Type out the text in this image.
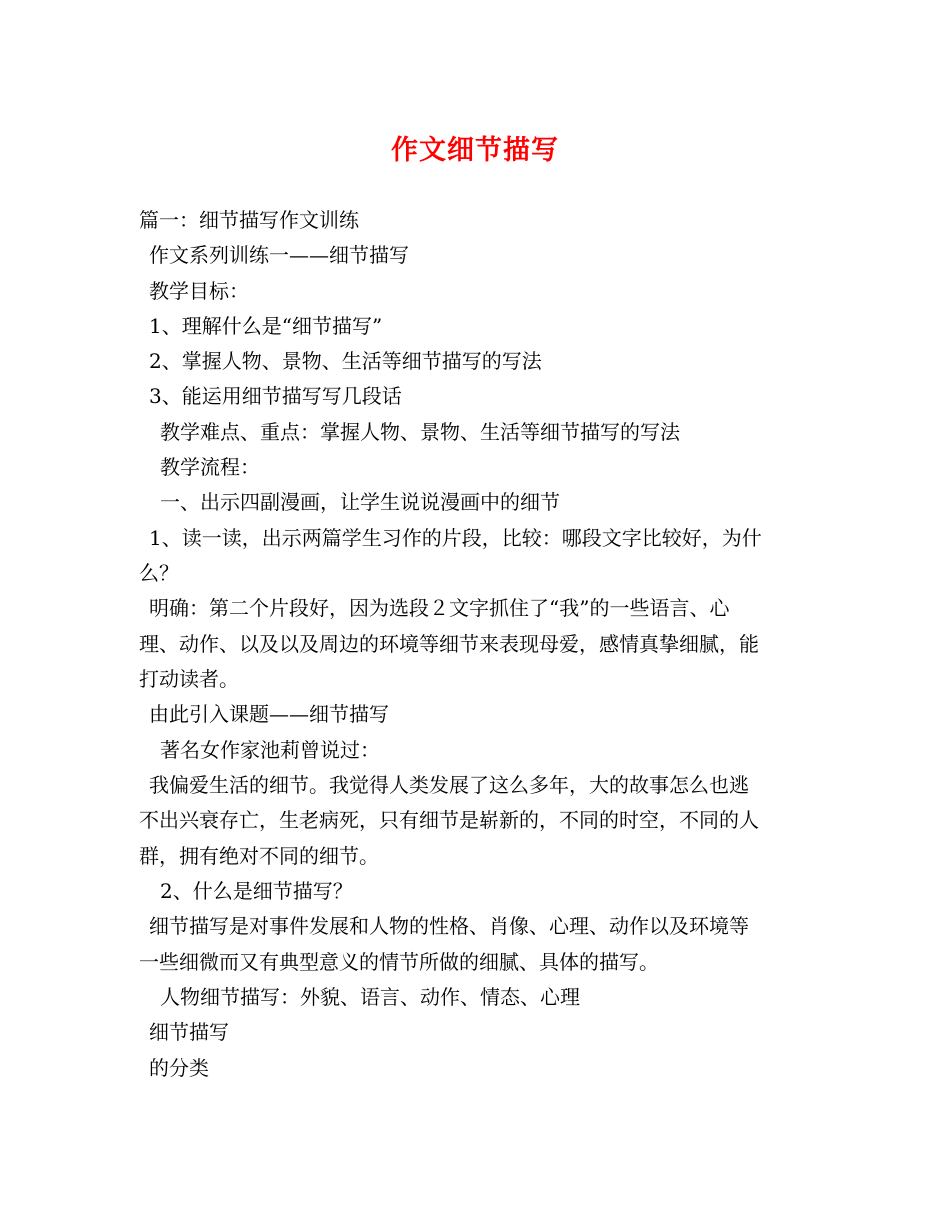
作文细节描写
篇一：细节描写作文训练
作文系列训练一——细节描写
教学目标：
1、理解什么是“细节描写”
2、掌握人物、景物、生活等细节描写的写法
3、能运用细节描写写几段话
教学难点、重点：掌握人物、景物、生活等细节描写的写法
教学流程：
一、出示四副漫画，让学生说说漫画中的细节
1、读一读，出示两篇学生习作的片段，比较：哪段文字比较好，为什
么？
明确：第二个片段好，因为选段２文字抓住了“我”的一些语言、心
理、动作、以及以及周边的环境等细节来表现母爱，感情真挚细腻，能
打动读者。
由此引入课题——细节描写
著名女作家池莉曾说过：
我偏爱生活的细节。我觉得人类发展了这么多年，大的故事怎么也逃
不出兴衰存亡，生老病死，只有细节是崭新的，不同的时空，不同的人
群，拥有绝对不同的细节。
2、什么是细节描写？
细节描写是对事件发展和人物的性格、肖像、心理、动作以及环境等
一些细微而又有典型意义的情节所做的细腻、具体的描写。
人物细节描写：外貌、语言、动作、情态、心理
细节描写
的分类
